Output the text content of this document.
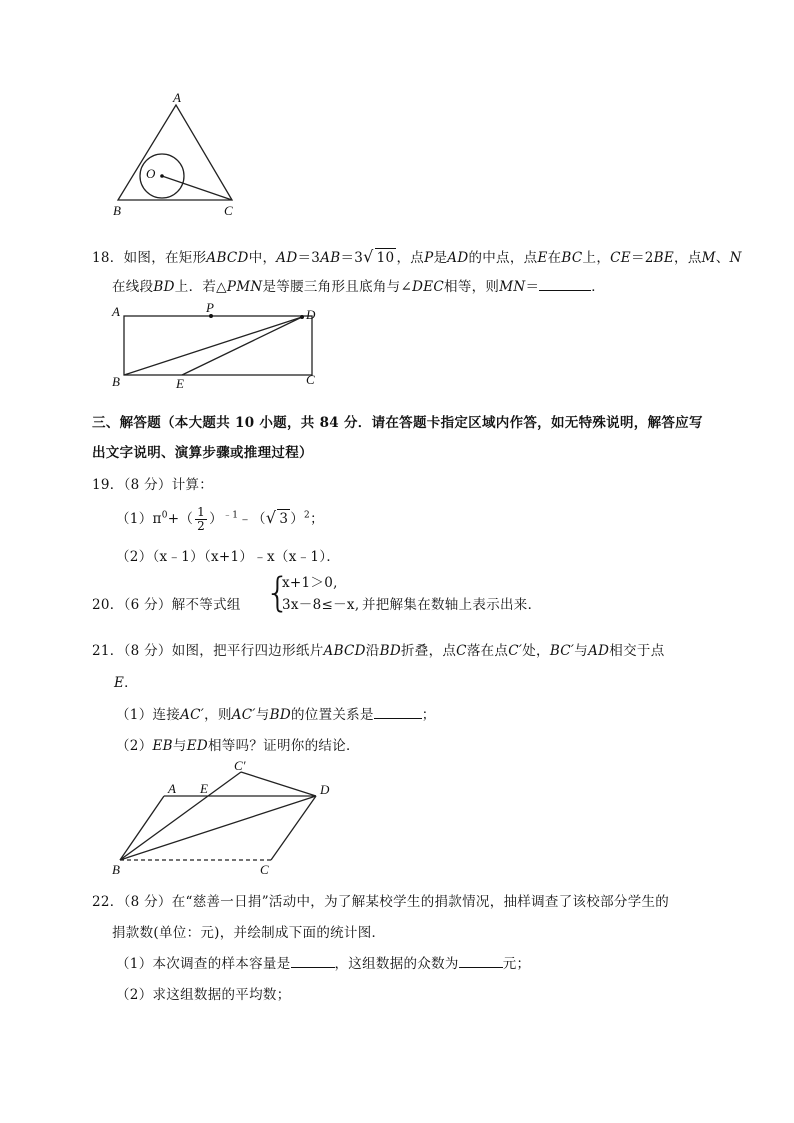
A
B	C
O
18．如图，在矩形ABCD中，AD＝3AB＝3√ 10 ，点P是AD的中点，点E在BC上，CE＝2BE，点M、N
在线段BD上．若△PMN是等腰三角形且底角与∠DEC相等，则MN＝	．
A	P	D
B	E	C
三、解答题（本大题共 10 小题，共 84 分．请在答题卡指定区域内作答，如无特殊说明，解答应写
出文字说明、演算步骤或推理过程）
19．（8 分）计算：
$(1)\pi^0+( \frac{1}{2}$ ）$^{﹣1}﹣(√$ 3 ）$^2$；
（2）（x﹣1）（x+1）﹣x（x﹣1）．
20．（6 分）解不等式组 {
x+1＞0,
3x－8≤－x, 并把解集在数轴上表示出来．
21．（8 分）如图，把平行四边形纸片ABCD沿BD折叠，点C落在点C′处，BC′与AD相交于点
E．
（1）连接AC′，则AC′与BD的位置关系是	；
（2）EB与ED相等吗？证明你的结论．
C′
A E	D
B	C
22．（8 分）在“慈善一日捐”活动中，为了解某校学生的捐款情况，抽样调查了该校部分学生的
捐款数(单位：元)，并绘制成下面的统计图．
（1）本次调查的样本容量是	，这组数据的众数为	元；
（2）求这组数据的平均数；
